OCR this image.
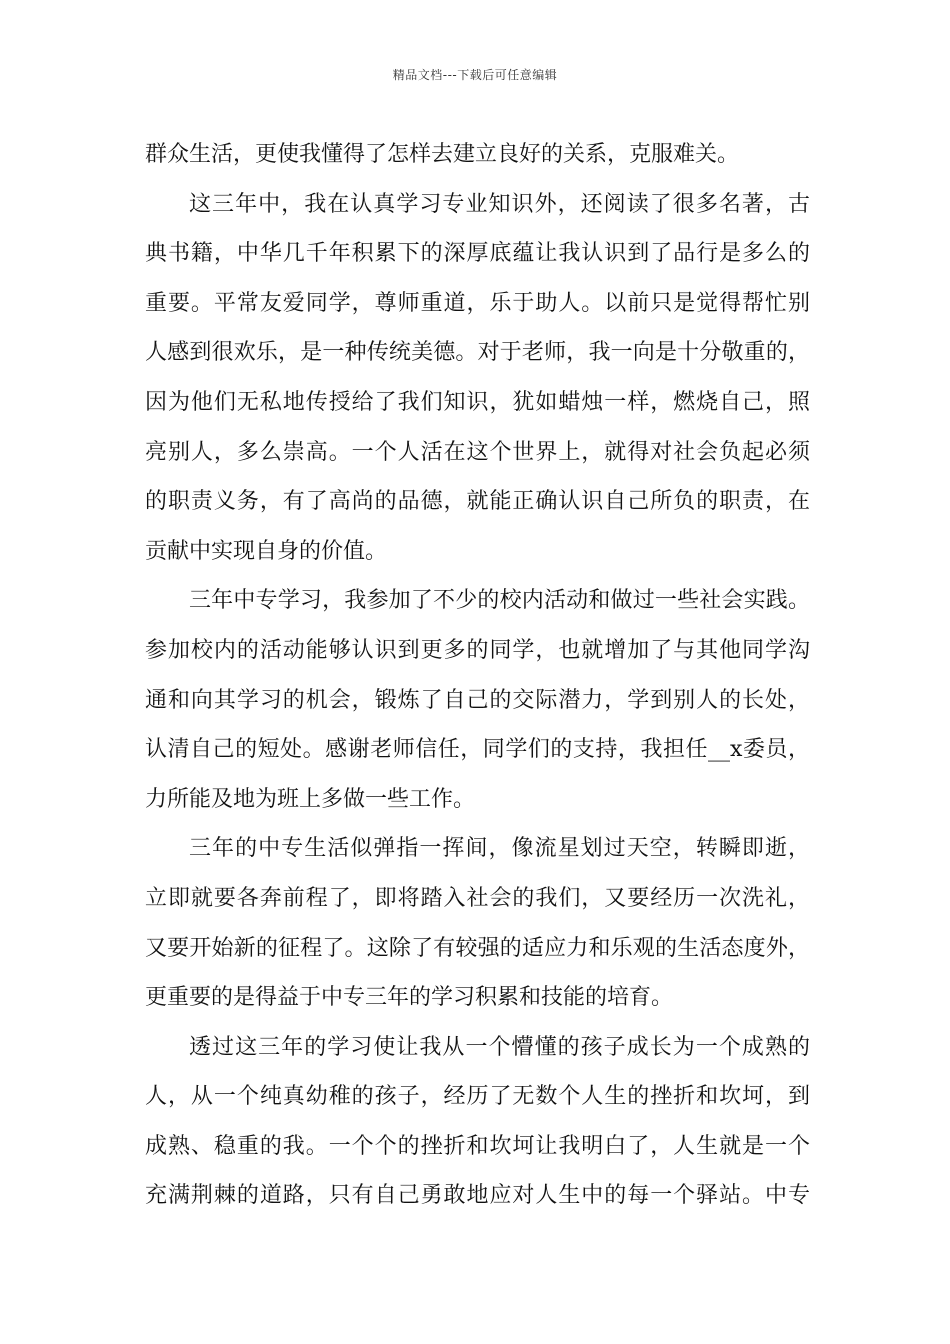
精品文档---下载后可任意编辑
群众生活，更使我懂得了怎样去建立良好的关系，克服难关。
这三年中，我在认真学习专业知识外，还阅读了很多名著，古
典书籍，中华几千年积累下的深厚底蕴让我认识到了品行是多么的
重要。平常友爱同学，尊师重道，乐于助人。以前只是觉得帮忙别
人感到很欢乐，是一种传统美德。对于老师，我一向是十分敬重的，
因为他们无私地传授给了我们知识，犹如蜡烛一样，燃烧自己，照
亮别人，多么崇高。一个人活在这个世界上，就得对社会负起必须
的职责义务，有了高尚的品德，就能正确认识自己所负的职责，在
贡献中实现自身的价值。
三年中专学习，我参加了不少的校内活动和做过一些社会实践。
参加校内的活动能够认识到更多的同学，也就增加了与其他同学沟
通和向其学习的机会，锻炼了自己的交际潜力，学到别人的长处，
认清自己的短处。感谢老师信任，同学们的支持，我担任__x委员，
力所能及地为班上多做一些工作。
三年的中专生活似弹指一挥间，像流星划过天空，转瞬即逝，
立即就要各奔前程了，即将踏入社会的我们，又要经历一次洗礼，
又要开始新的征程了。这除了有较强的适应力和乐观的生活态度外，
更重要的是得益于中专三年的学习积累和技能的培育。
透过这三年的学习使让我从一个懵懂的孩子成长为一个成熟的
人，从一个纯真幼稚的孩子，经历了无数个人生的挫折和坎坷，到
成熟、稳重的我。一个个的挫折和坎坷让我明白了，人生就是一个
充满荆棘的道路，只有自己勇敢地应对人生中的每一个驿站。中专
